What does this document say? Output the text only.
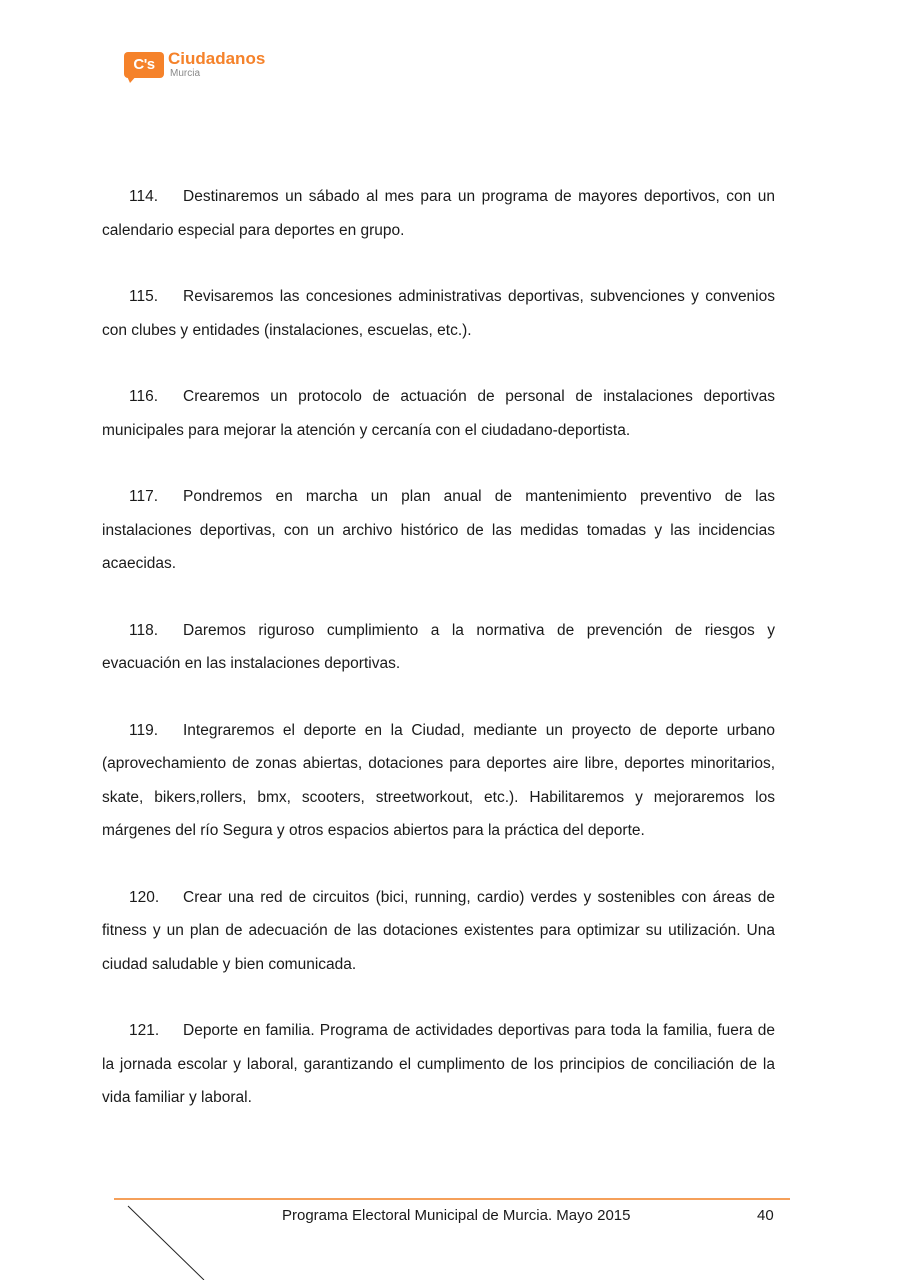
C's Ciudadanos
Murcia

114. Destinaremos un sábado al mes para un programa de mayores deportivos, con un calendario especial para deportes en grupo.

115. Revisaremos las concesiones administrativas deportivas, subvenciones y convenios con clubes y entidades (instalaciones, escuelas, etc.).

116. Crearemos un protocolo de actuación de personal de instalaciones deportivas municipales para mejorar la atención y cercanía con el ciudadano-deportista.

117. Pondremos en marcha un plan anual de mantenimiento preventivo de las instalaciones deportivas, con un archivo histórico de las medidas tomadas y las incidencias acaecidas.

118. Daremos riguroso cumplimiento a la normativa de prevención de riesgos y evacuación en las instalaciones deportivas.

119. Integraremos el deporte en la Ciudad, mediante un proyecto de deporte urbano (aprovechamiento de zonas abiertas, dotaciones para deportes aire libre, deportes minoritarios, skate, bikers,rollers, bmx, scooters, streetworkout, etc.). Habilitaremos y mejoraremos los márgenes del río Segura y otros espacios abiertos para la práctica del deporte.

120. Crear una red de circuitos (bici, running, cardio) verdes y sostenibles con áreas de fitness y un plan de adecuación de las dotaciones existentes para optimizar su utilización. Una ciudad saludable y bien comunicada.

121. Deporte en familia. Programa de actividades deportivas para toda la familia, fuera de la jornada escolar y laboral, garantizando el cumplimento de los principios de conciliación de la vida familiar y laboral.

Programa Electoral Municipal de Murcia. Mayo 2015	40
